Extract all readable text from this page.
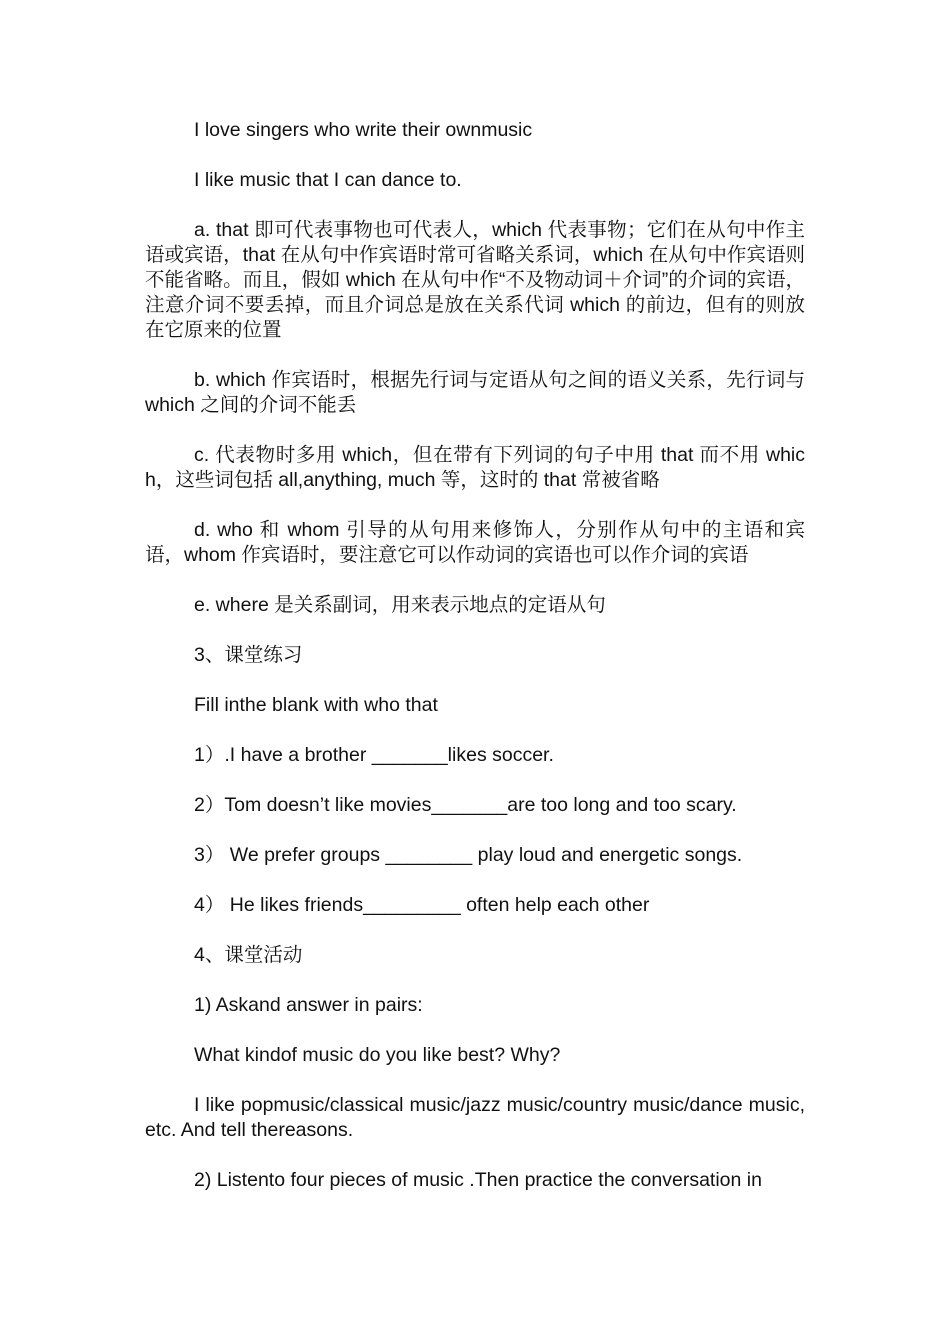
I love singers who write their ownmusic

I like music that I can dance to.

a. that 即可代表事物也可代表人，which 代表事物；它们在从句中作主语或宾语，that 在从句中作宾语时常可省略关系词，which 在从句中作宾语则不能省略。而且，假如 which 在从句中作“不及物动词＋介词”的介词的宾语，注意介词不要丢掉，而且介词总是放在关系代词 which 的前边，但有的则放在它原来的位置

b. which 作宾语时，根据先行词与定语从句之间的语义关系，先行词与 which 之间的介词不能丢

c. 代表物时多用 which，但在带有下列词的句子中用 that 而不用 which，这些词包括 all,anything, much 等，这时的 that 常被省略

d. who 和 whom 引导的从句用来修饰人，分别作从句中的主语和宾语，whom 作宾语时，要注意它可以作动词的宾语也可以作介词的宾语

e. where 是关系副词，用来表示地点的定语从句

3、课堂练习

Fill inthe blank with who that

1）.I have a brother _______likes soccer.

2）Tom doesn’t like movies_______are too long and too scary.

3） We prefer groups ________ play loud and energetic songs.

4） He likes friends_________ often help each other

4、课堂活动

1) Askand answer in pairs:

What kindof music do you like best? Why?

I like popmusic/classical music/jazz music/country music/dance music, etc. And tell thereasons.

2) Listento four pieces of music .Then practice the conversation in
